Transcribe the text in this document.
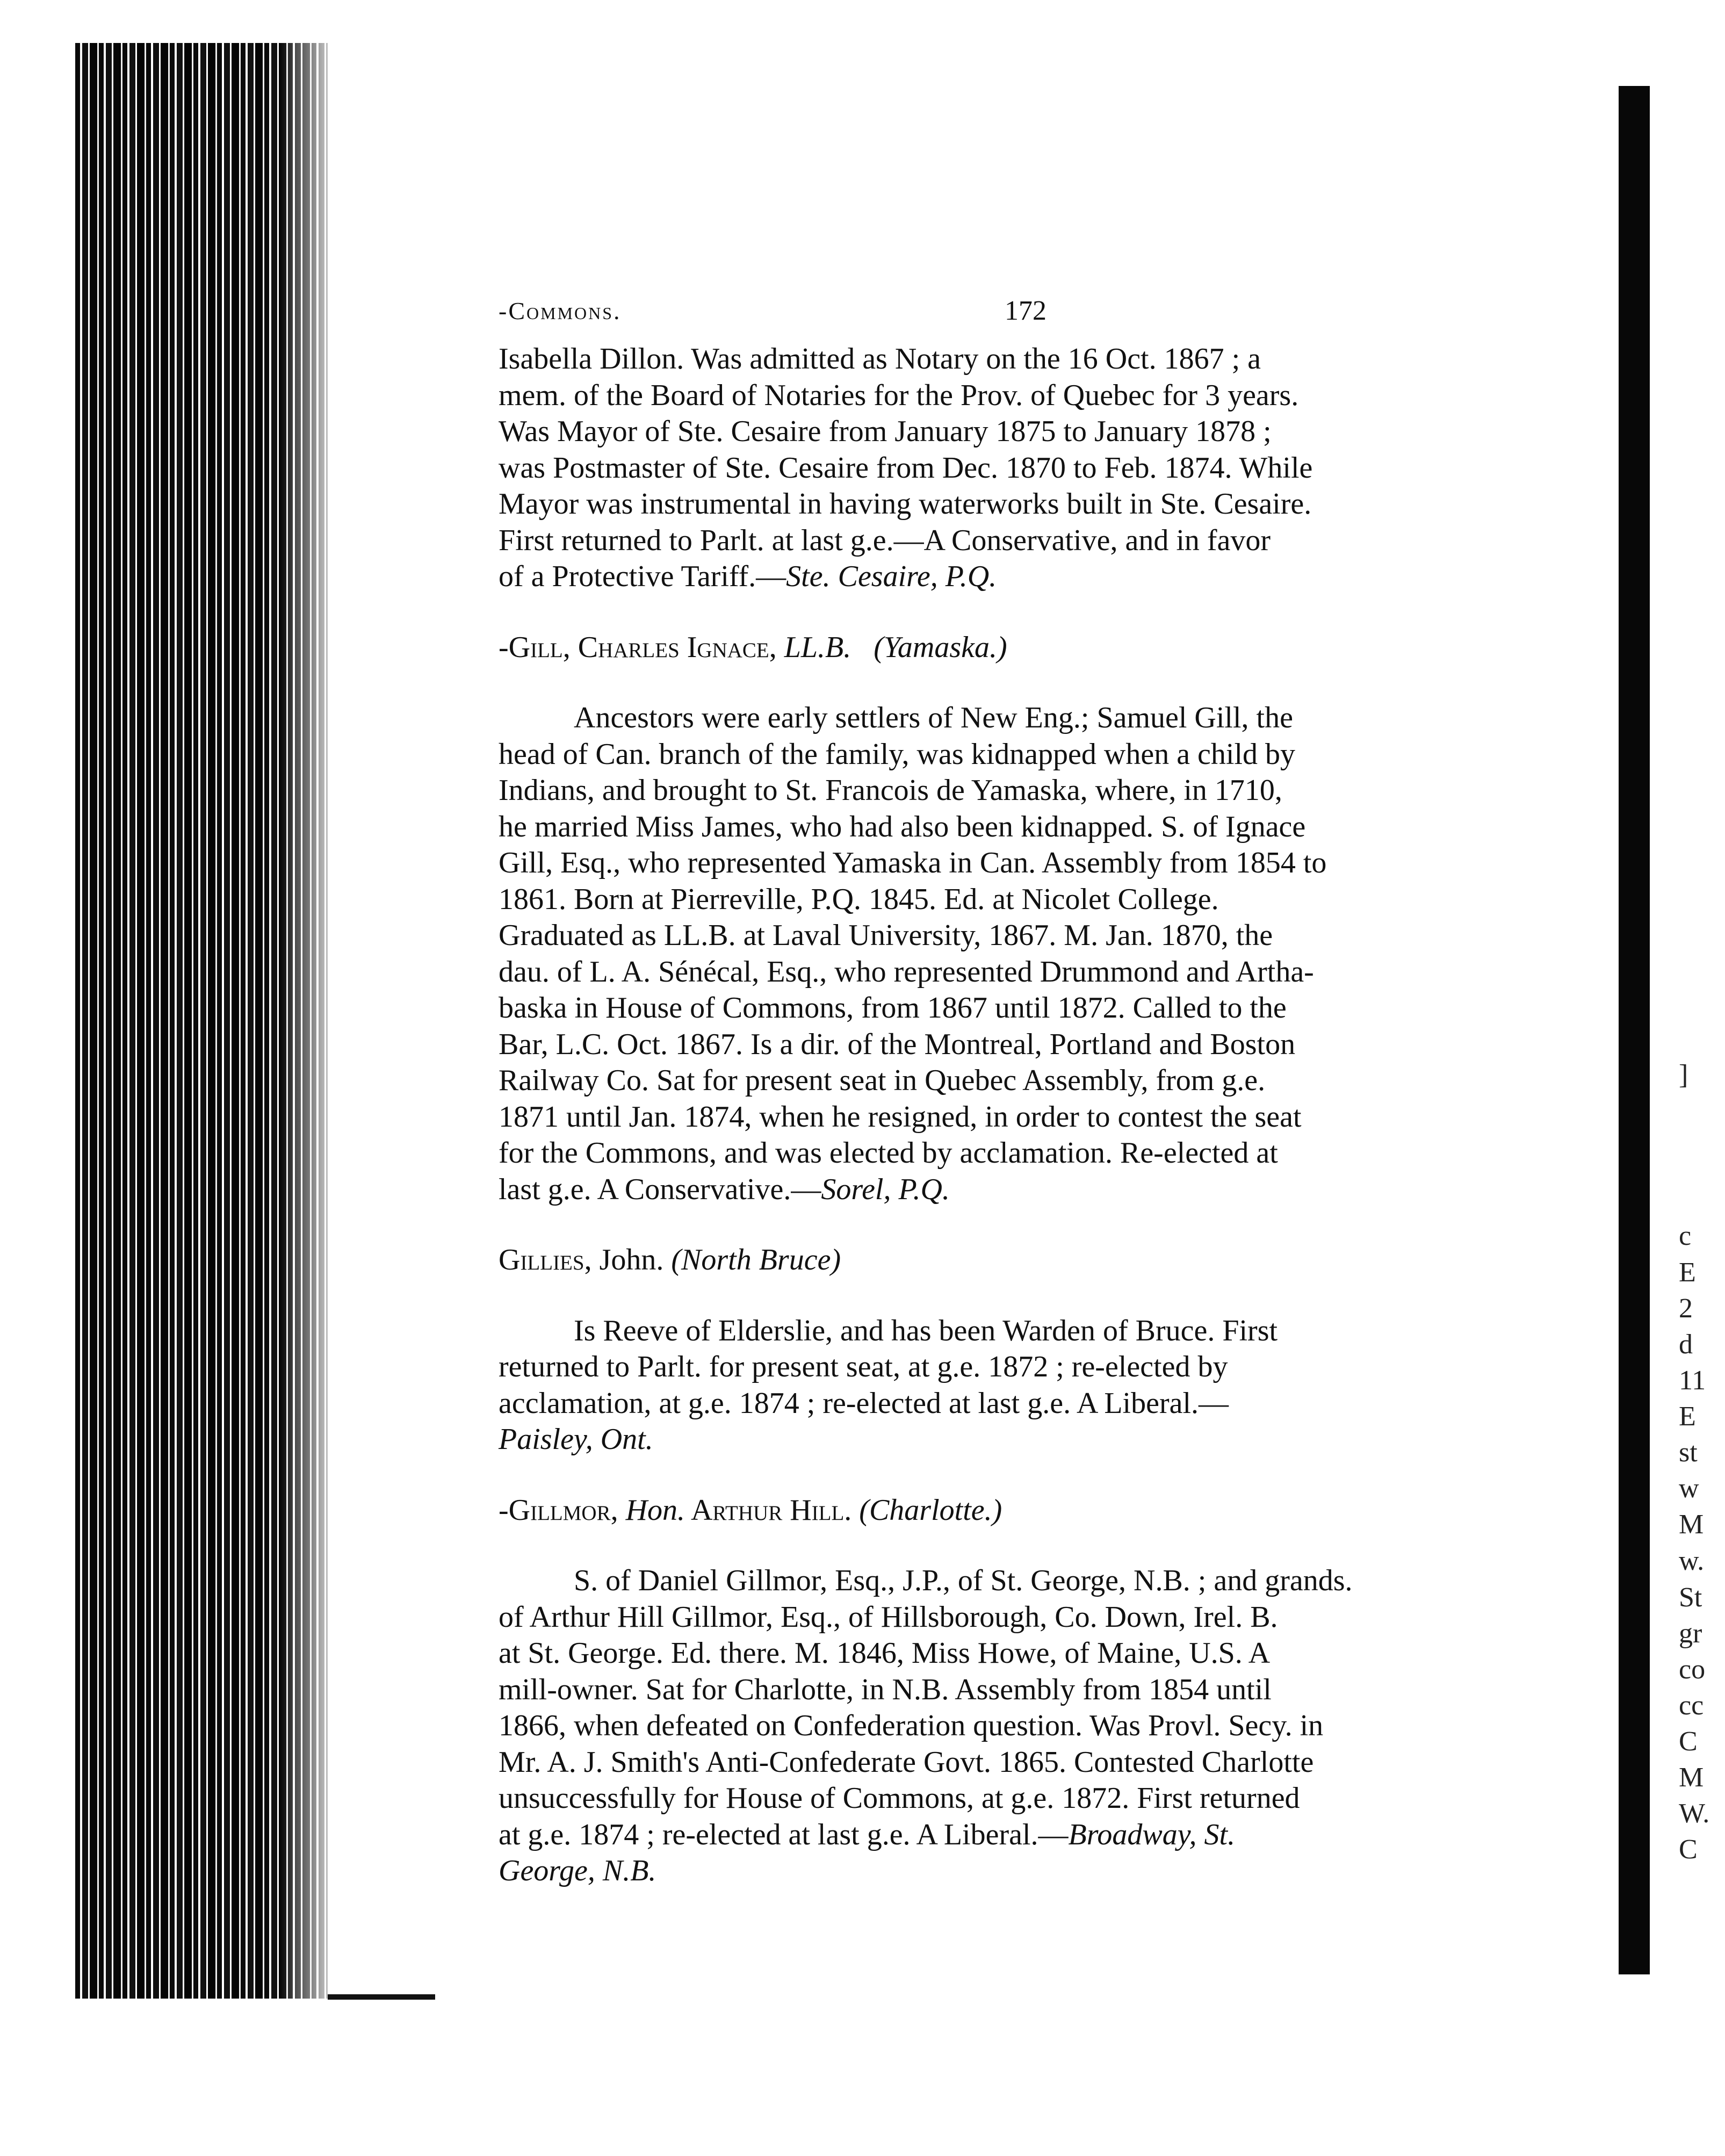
]
c
E
2
d
11
E
st
w
M
w.
St
gr
co
cc
C
M
W.
C
-Commons.	172
Isabella Dillon. Was admitted as Notary on the 16 Oct. 1867 ; a
mem. of the Board of Notaries for the Prov. of Quebec for 3 years.
Was Mayor of Ste. Cesaire from January 1875 to January 1878 ;
was Postmaster of Ste. Cesaire from Dec. 1870 to Feb. 1874. While
Mayor was instrumental in having waterworks built in Ste. Cesaire.
First returned to Parlt. at last g.e.—A Conservative, and in favor
of a Protective Tariff.—Ste. Cesaire, P.Q.
-Gill, Charles Ignace, LL.B. (Yamaska.)
Ancestors were early settlers of New Eng.; Samuel Gill, the
head of Can. branch of the family, was kidnapped when a child by
Indians, and brought to St. Francois de Yamaska, where, in 1710,
he married Miss James, who had also been kidnapped. S. of Ignace
Gill, Esq., who represented Yamaska in Can. Assembly from 1854 to
1861. Born at Pierreville, P.Q. 1845. Ed. at Nicolet College.
Graduated as LL.B. at Laval University, 1867. M. Jan. 1870, the
dau. of L. A. Sénécal, Esq., who represented Drummond and Artha-
baska in House of Commons, from 1867 until 1872. Called to the
Bar, L.C. Oct. 1867. Is a dir. of the Montreal, Portland and Boston
Railway Co. Sat for present seat in Quebec Assembly, from g.e.
1871 until Jan. 1874, when he resigned, in order to contest the seat
for the Commons, and was elected by acclamation. Re-elected at
last g.e. A Conservative.—Sorel, P.Q.
Gillies, John. (North Bruce)
Is Reeve of Elderslie, and has been Warden of Bruce. First
returned to Parlt. for present seat, at g.e. 1872 ; re-elected by
acclamation, at g.e. 1874 ; re-elected at last g.e. A Liberal.—
Paisley, Ont.
-Gillmor, Hon. Arthur Hill. (Charlotte.)
S. of Daniel Gillmor, Esq., J.P., of St. George, N.B. ; and grands.
of Arthur Hill Gillmor, Esq., of Hillsborough, Co. Down, Irel. B.
at St. George. Ed. there. M. 1846, Miss Howe, of Maine, U.S. A
mill-owner. Sat for Charlotte, in N.B. Assembly from 1854 until
1866, when defeated on Confederation question. Was Provl. Secy. in
Mr. A. J. Smith's Anti-Confederate Govt. 1865. Contested Charlotte
unsuccessfully for House of Commons, at g.e. 1872. First returned
at g.e. 1874 ; re-elected at last g.e. A Liberal.—Broadway, St.
George, N.B.
